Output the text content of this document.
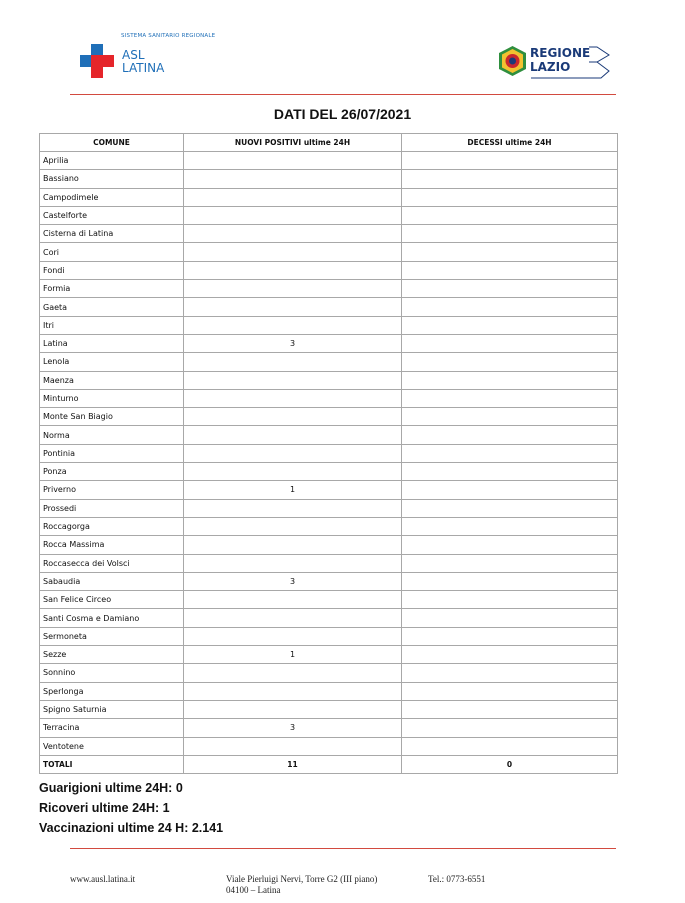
SISTEMA SANITARIO REGIONALE
ASL
LATINA
REGIONE
LAZIO
DATI DEL 26/07/2021
COMUNE	NUOVI POSITIVI ultime 24H	DECESSI ultime 24H
Aprilia		
Bassiano		
Campodimele		
Castelforte		
Cisterna di Latina		
Cori		
Fondi		
Formia		
Gaeta		
Itri		
Latina	3	
Lenola		
Maenza		
Minturno		
Monte San Biagio		
Norma		
Pontinia		
Ponza		
Priverno	1	
Prossedi		
Roccagorga		
Rocca Massima		
Roccasecca dei Volsci		
Sabaudia	3	
San Felice Circeo		
Santi Cosma e Damiano		
Sermoneta		
Sezze	1	
Sonnino		
Sperlonga		
Spigno Saturnia		
Terracina	3	
Ventotene		
TOTALI	11	0
Guarigioni ultime 24H: 0
Ricoveri ultime 24H: 1
Vaccinazioni ultime 24 H: 2.141
www.ausl.latina.it	Viale Pierluigi Nervi, Torre G2 (III piano)
04100 – Latina
Tel.: 0773-6551
